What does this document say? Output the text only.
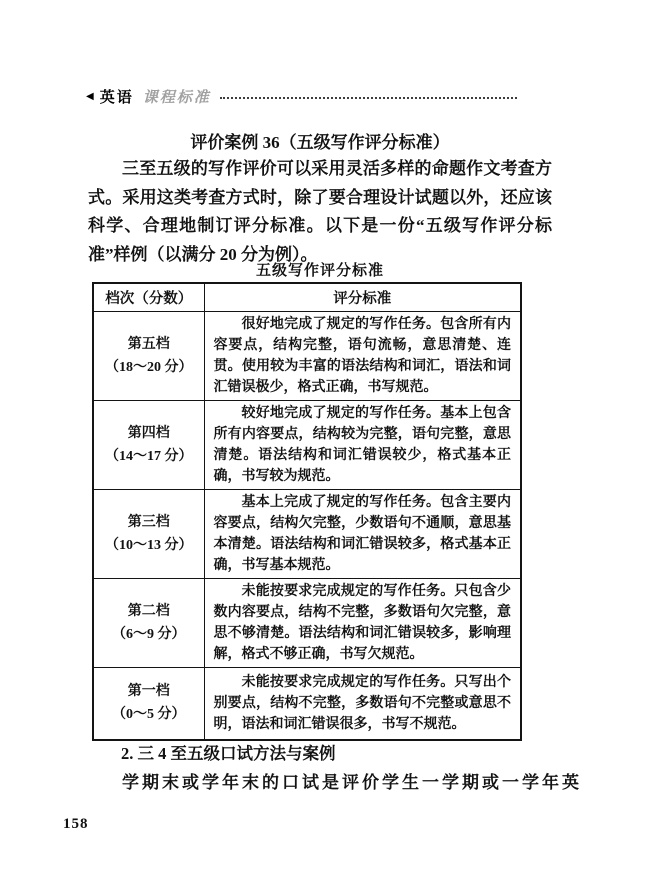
◀ 英语 课程标准
评价案例 36（五级写作评分标准）

三至五级的写作评价可以采用灵活多样的命题作文考查方式。采用这类考查方式时，除了要合理设计试题以外，还应该科学、合理地制订评分标准。以下是一份“五级写作评分标准”样例（以满分 20 分为例）。

五级写作评分标准
档次（分数）	评分标准

第五档
（18～20 分）	很好地完成了规定的写作任务。包含所有内容要点，结构完整，语句流畅，意思清楚、连贯。使用较为丰富的语法结构和词汇，语法和词汇错误极少，格式正确，书写规范。

第四档
（14～17 分）	较好地完成了规定的写作任务。基本上包含所有内容要点，结构较为完整，语句完整，意思清楚。语法结构和词汇错误较少，格式基本正确，书写较为规范。

第三档
（10～13 分）	基本上完成了规定的写作任务。包含主要内容要点，结构欠完整，少数语句不通顺，意思基本清楚。语法结构和词汇错误较多，格式基本正确，书写基本规范。

第二档
（6～9 分）	未能按要求完成规定的写作任务。只包含少数内容要点，结构不完整，多数语句欠完整，意思不够清楚。语法结构和词汇错误较多，影响理解，格式不够正确，书写欠规范。

第一档
（0～5 分）	未能按要求完成规定的写作任务。只写出个别要点，结构不完整，多数语句不完整或意思不明，语法和词汇错误很多，书写不规范。

2. 三 4 至五级口试方法与案例

学期末或学年末的口试是评价学生一学期或一学年英

158
